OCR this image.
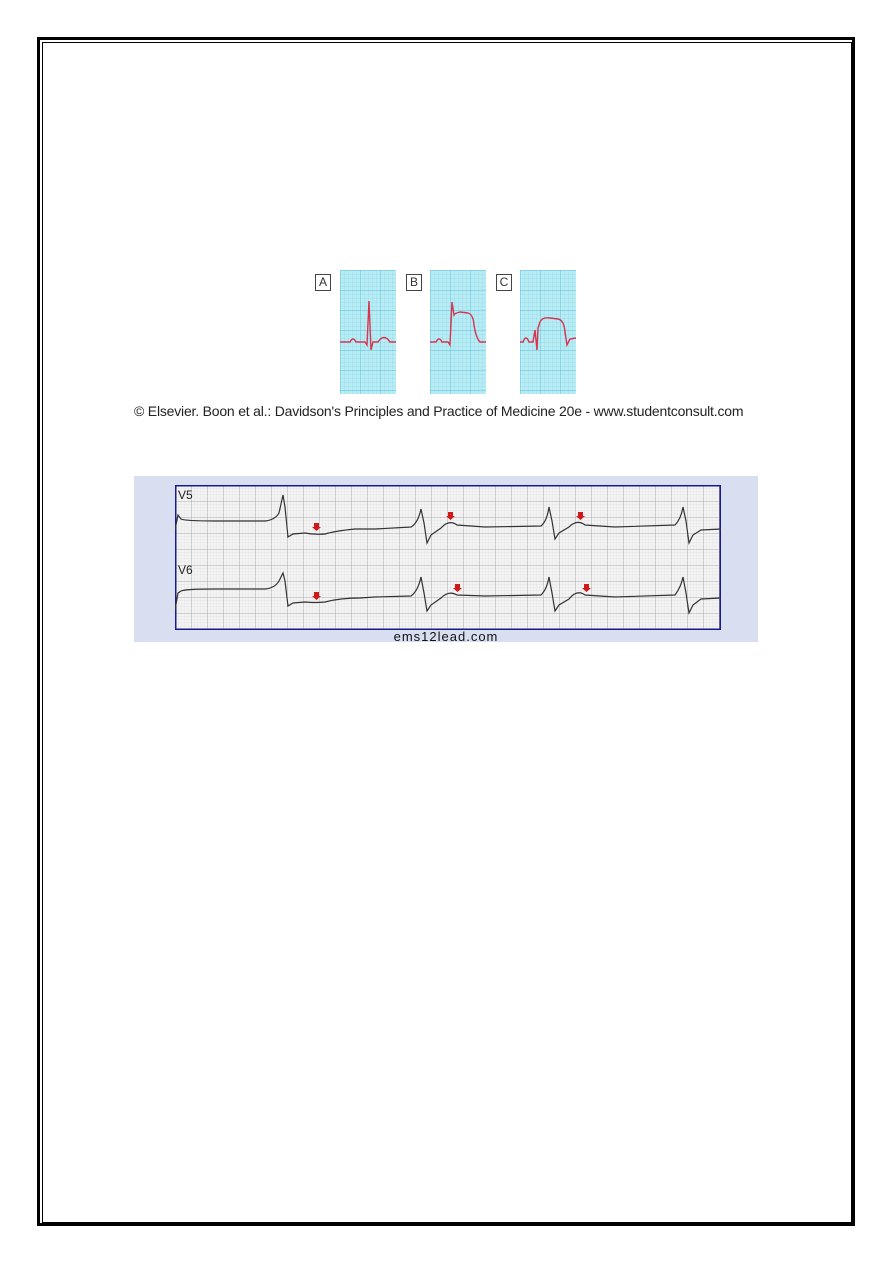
A	B	C
© Elsevier. Boon et al.: Davidson's Principles and Practice of Medicine 20e - www.studentconsult.com
V5
V6
ems12lead.com
